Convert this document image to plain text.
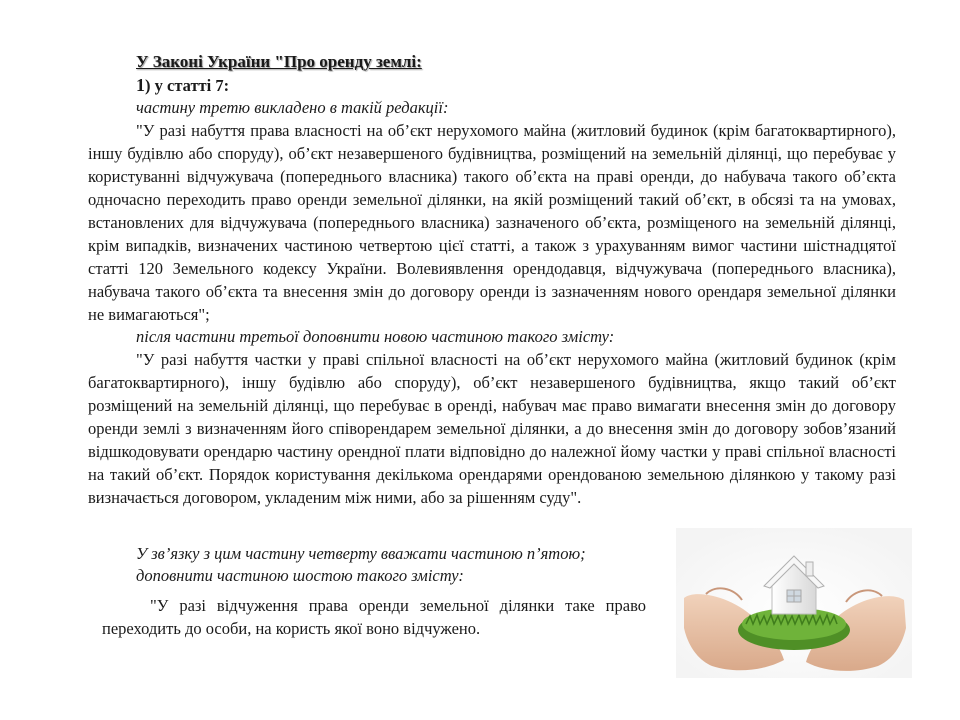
У Законі України "Про оренду землі:

1) у статті 7:

частину третю викладено в такій редакції:

"У разі набуття права власності на об’єкт нерухомого майна (житловий будинок (крім багатоквартирного), іншу будівлю або споруду), об’єкт незавершеного будівництва, розміщений на земельній ділянці, що перебуває у користуванні відчужувача (попереднього власника) такого об’єкта на праві оренди, до набувача такого об’єкта одночасно переходить право оренди земельної ділянки, на якій розміщений такий об’єкт, в обсязі та на умовах, встановлених для відчужувача (попереднього власника) зазначеного об’єкта, розміщеного на земельній ділянці, крім випадків, визначених частиною четвертою цієї статті, а також з урахуванням вимог частини шістнадцятої статті 120 Земельного кодексу України. Волевиявлення орендодавця, відчужувача (попереднього власника), набувача такого об’єкта та внесення змін до договору оренди із зазначенням нового орендаря земельної ділянки не вимагаються";

після частини третьої доповнити новою частиною такого змісту:

"У разі набуття частки у праві спільної власності на об’єкт нерухомого майна (житловий будинок (крім багатоквартирного), іншу будівлю або споруду), об’єкт незавершеного будівництва, якщо такий об’єкт розміщений на земельній ділянці, що перебуває в оренді, набувач має право вимагати внесення змін до договору оренди землі з визначенням його співорендарем земельної ділянки, а до внесення змін до договору зобов’язаний відшкодовувати орендарю частину орендної плати відповідно до належної йому частки у праві спільної власності на такий об’єкт. Порядок користування декількома орендарями орендованою земельною ділянкою у такому разі визначається договором, укладеним між ними, або за рішенням суду".

У зв’язку з цим частину четверту вважати частиною п’ятою;

доповнити частиною шостою такого змісту:

"У разі відчуження права оренди земельної ділянки таке право переходить до особи, на користь якої воно відчужено.
